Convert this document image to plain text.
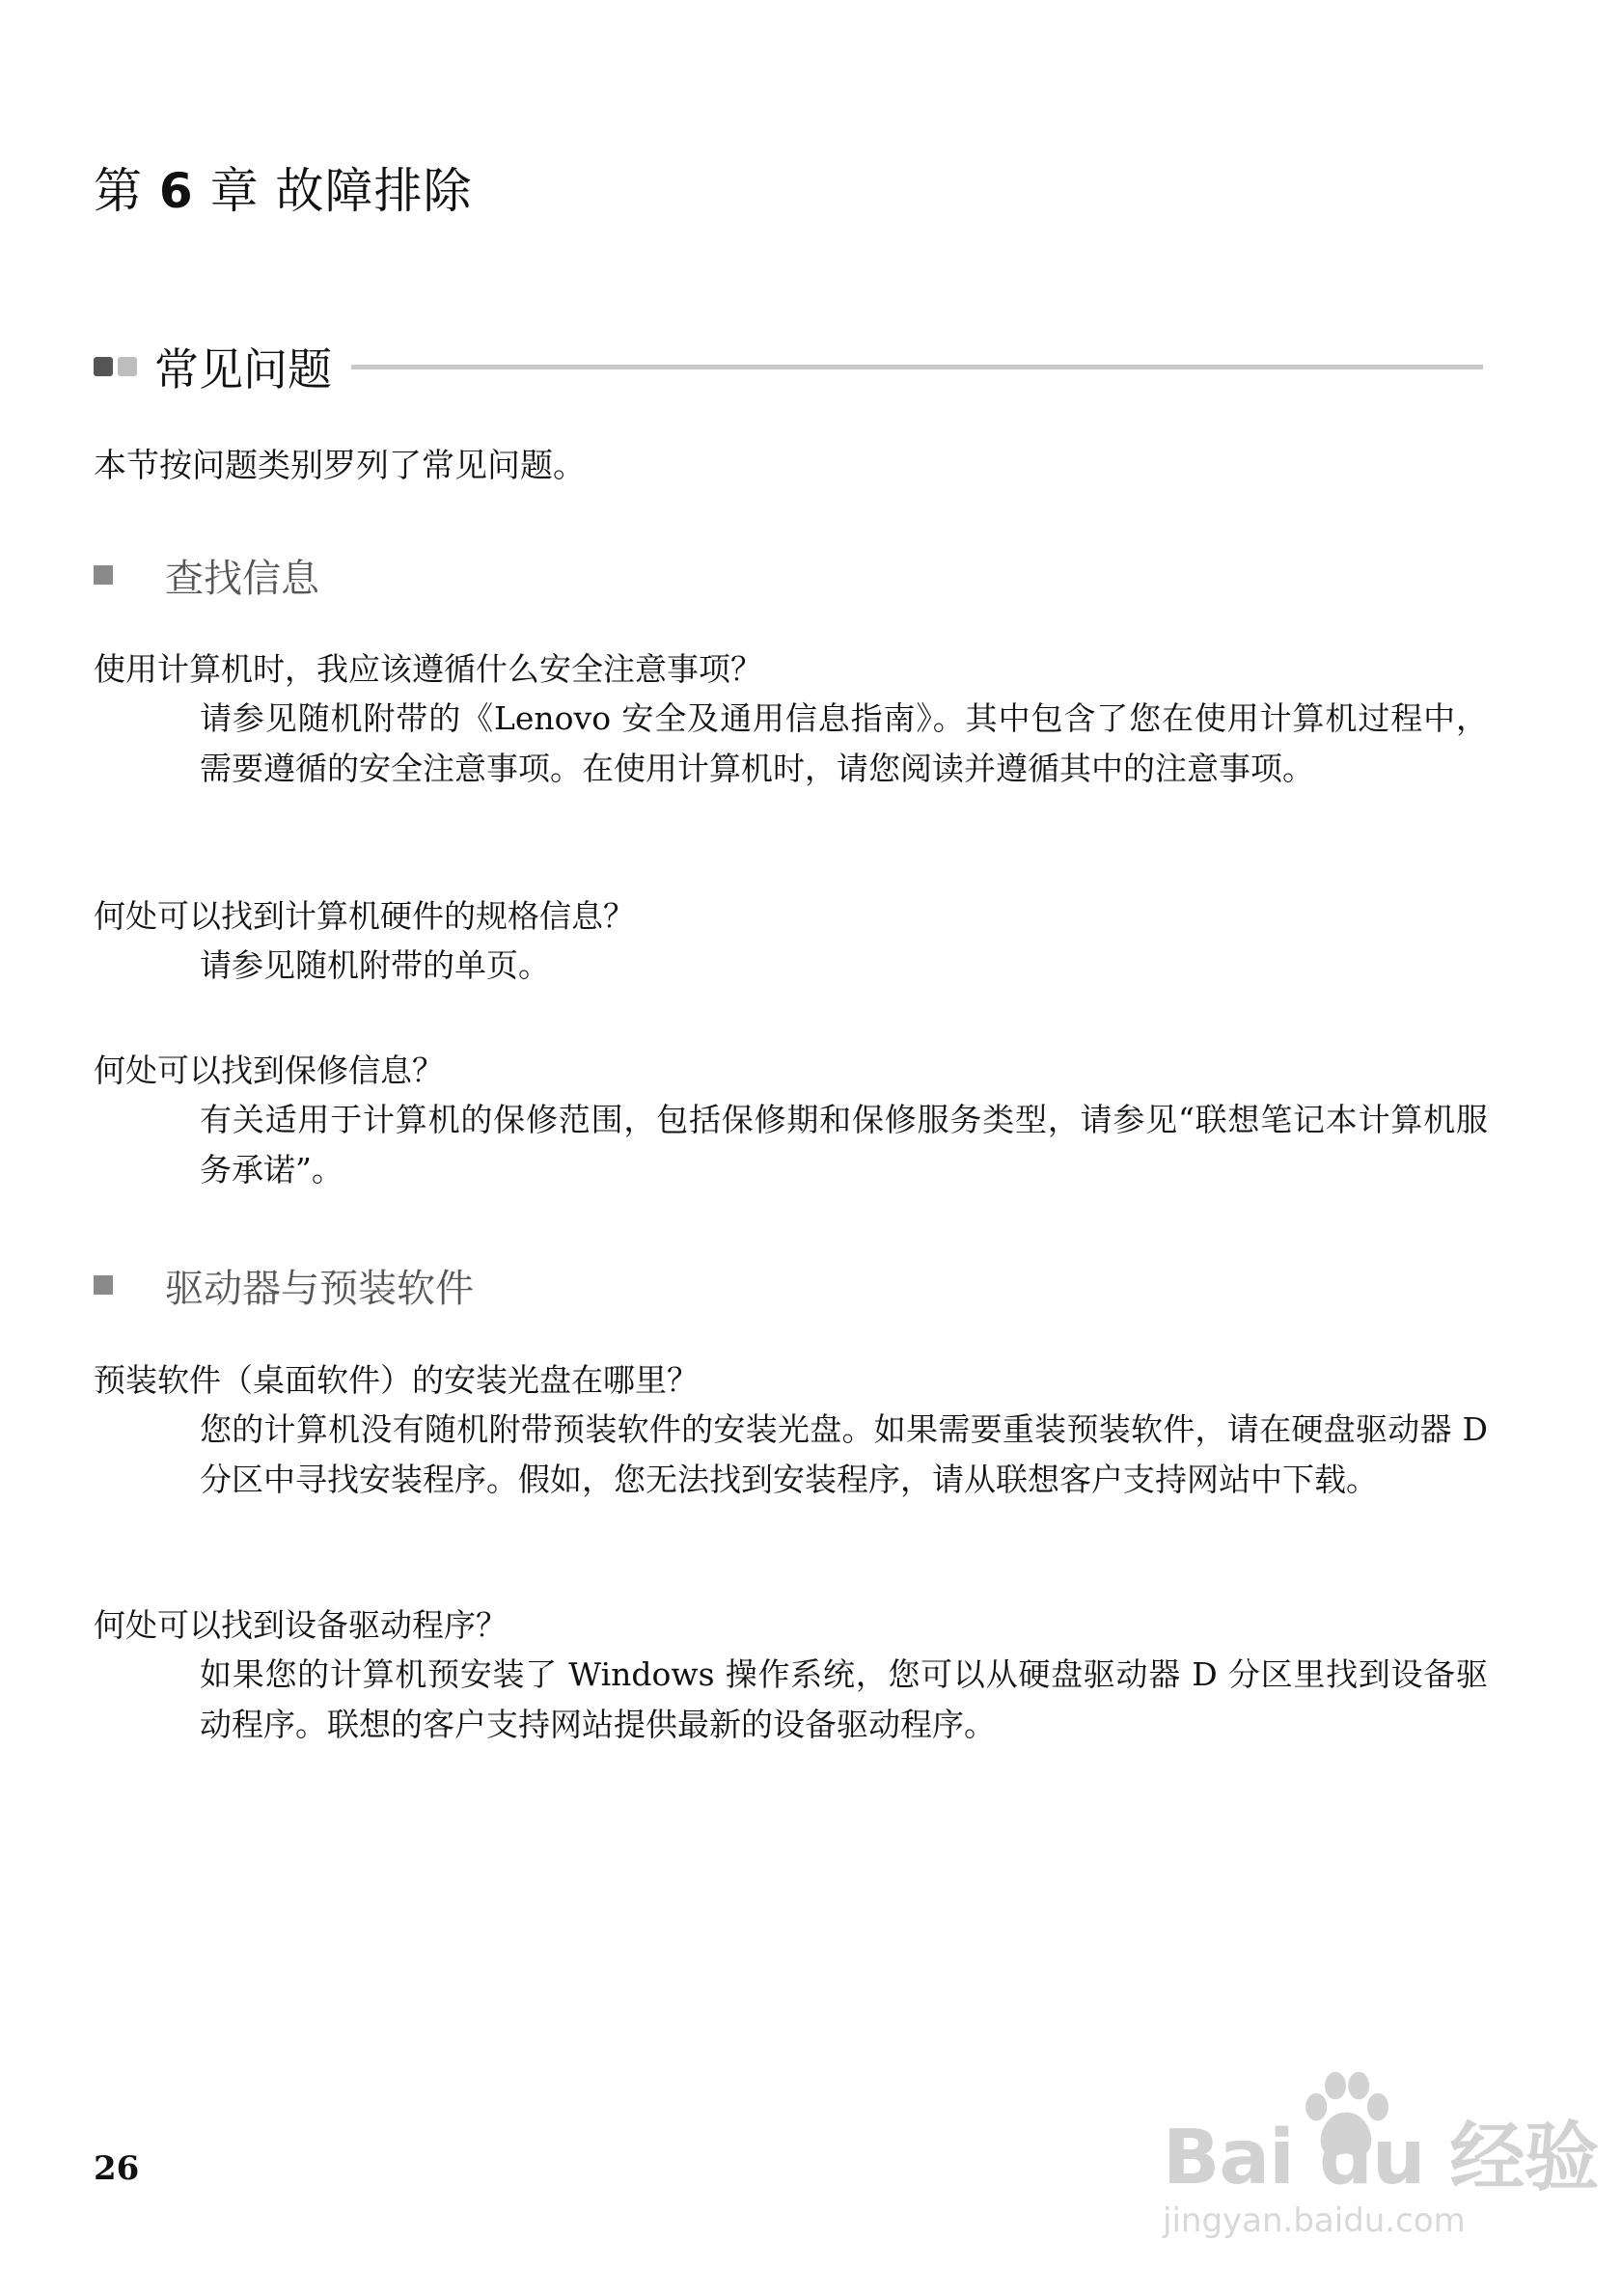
第 6 章 故障排除
常见问题

本节按问题类别罗列了常见问题。

查找信息
使用计算机时，我应该遵循什么安全注意事项？

请参见随机附带的《Lenovo 安全及通用信息指南》。其中包含了您在使用计算机过程中，需要遵循的安全注意事项。在使用计算机时，请您阅读并遵循其中的注意事项。

何处可以找到计算机硬件的规格信息？

请参见随机附带的单页。

何处可以找到保修信息？

有关适用于计算机的保修范围，包括保修期和保修服务类型，请参见“联想笔记本计算机服务承诺”。

驱动器与预装软件
预装软件（桌面软件）的安装光盘在哪里？

您的计算机没有随机附带预装软件的安装光盘。如果需要重装预装软件，请在硬盘驱动器 D 分区中寻找安装程序。假如，您无法找到安装程序，请从联想客户支持网站中下载。

何处可以找到设备驱动程序？

如果您的计算机预安装了 Windows 操作系统，您可以从硬盘驱动器 D 分区里找到设备驱动程序。联想的客户支持网站提供最新的设备驱动程序。

26	Bai du 经验
jingyan.baidu.com
